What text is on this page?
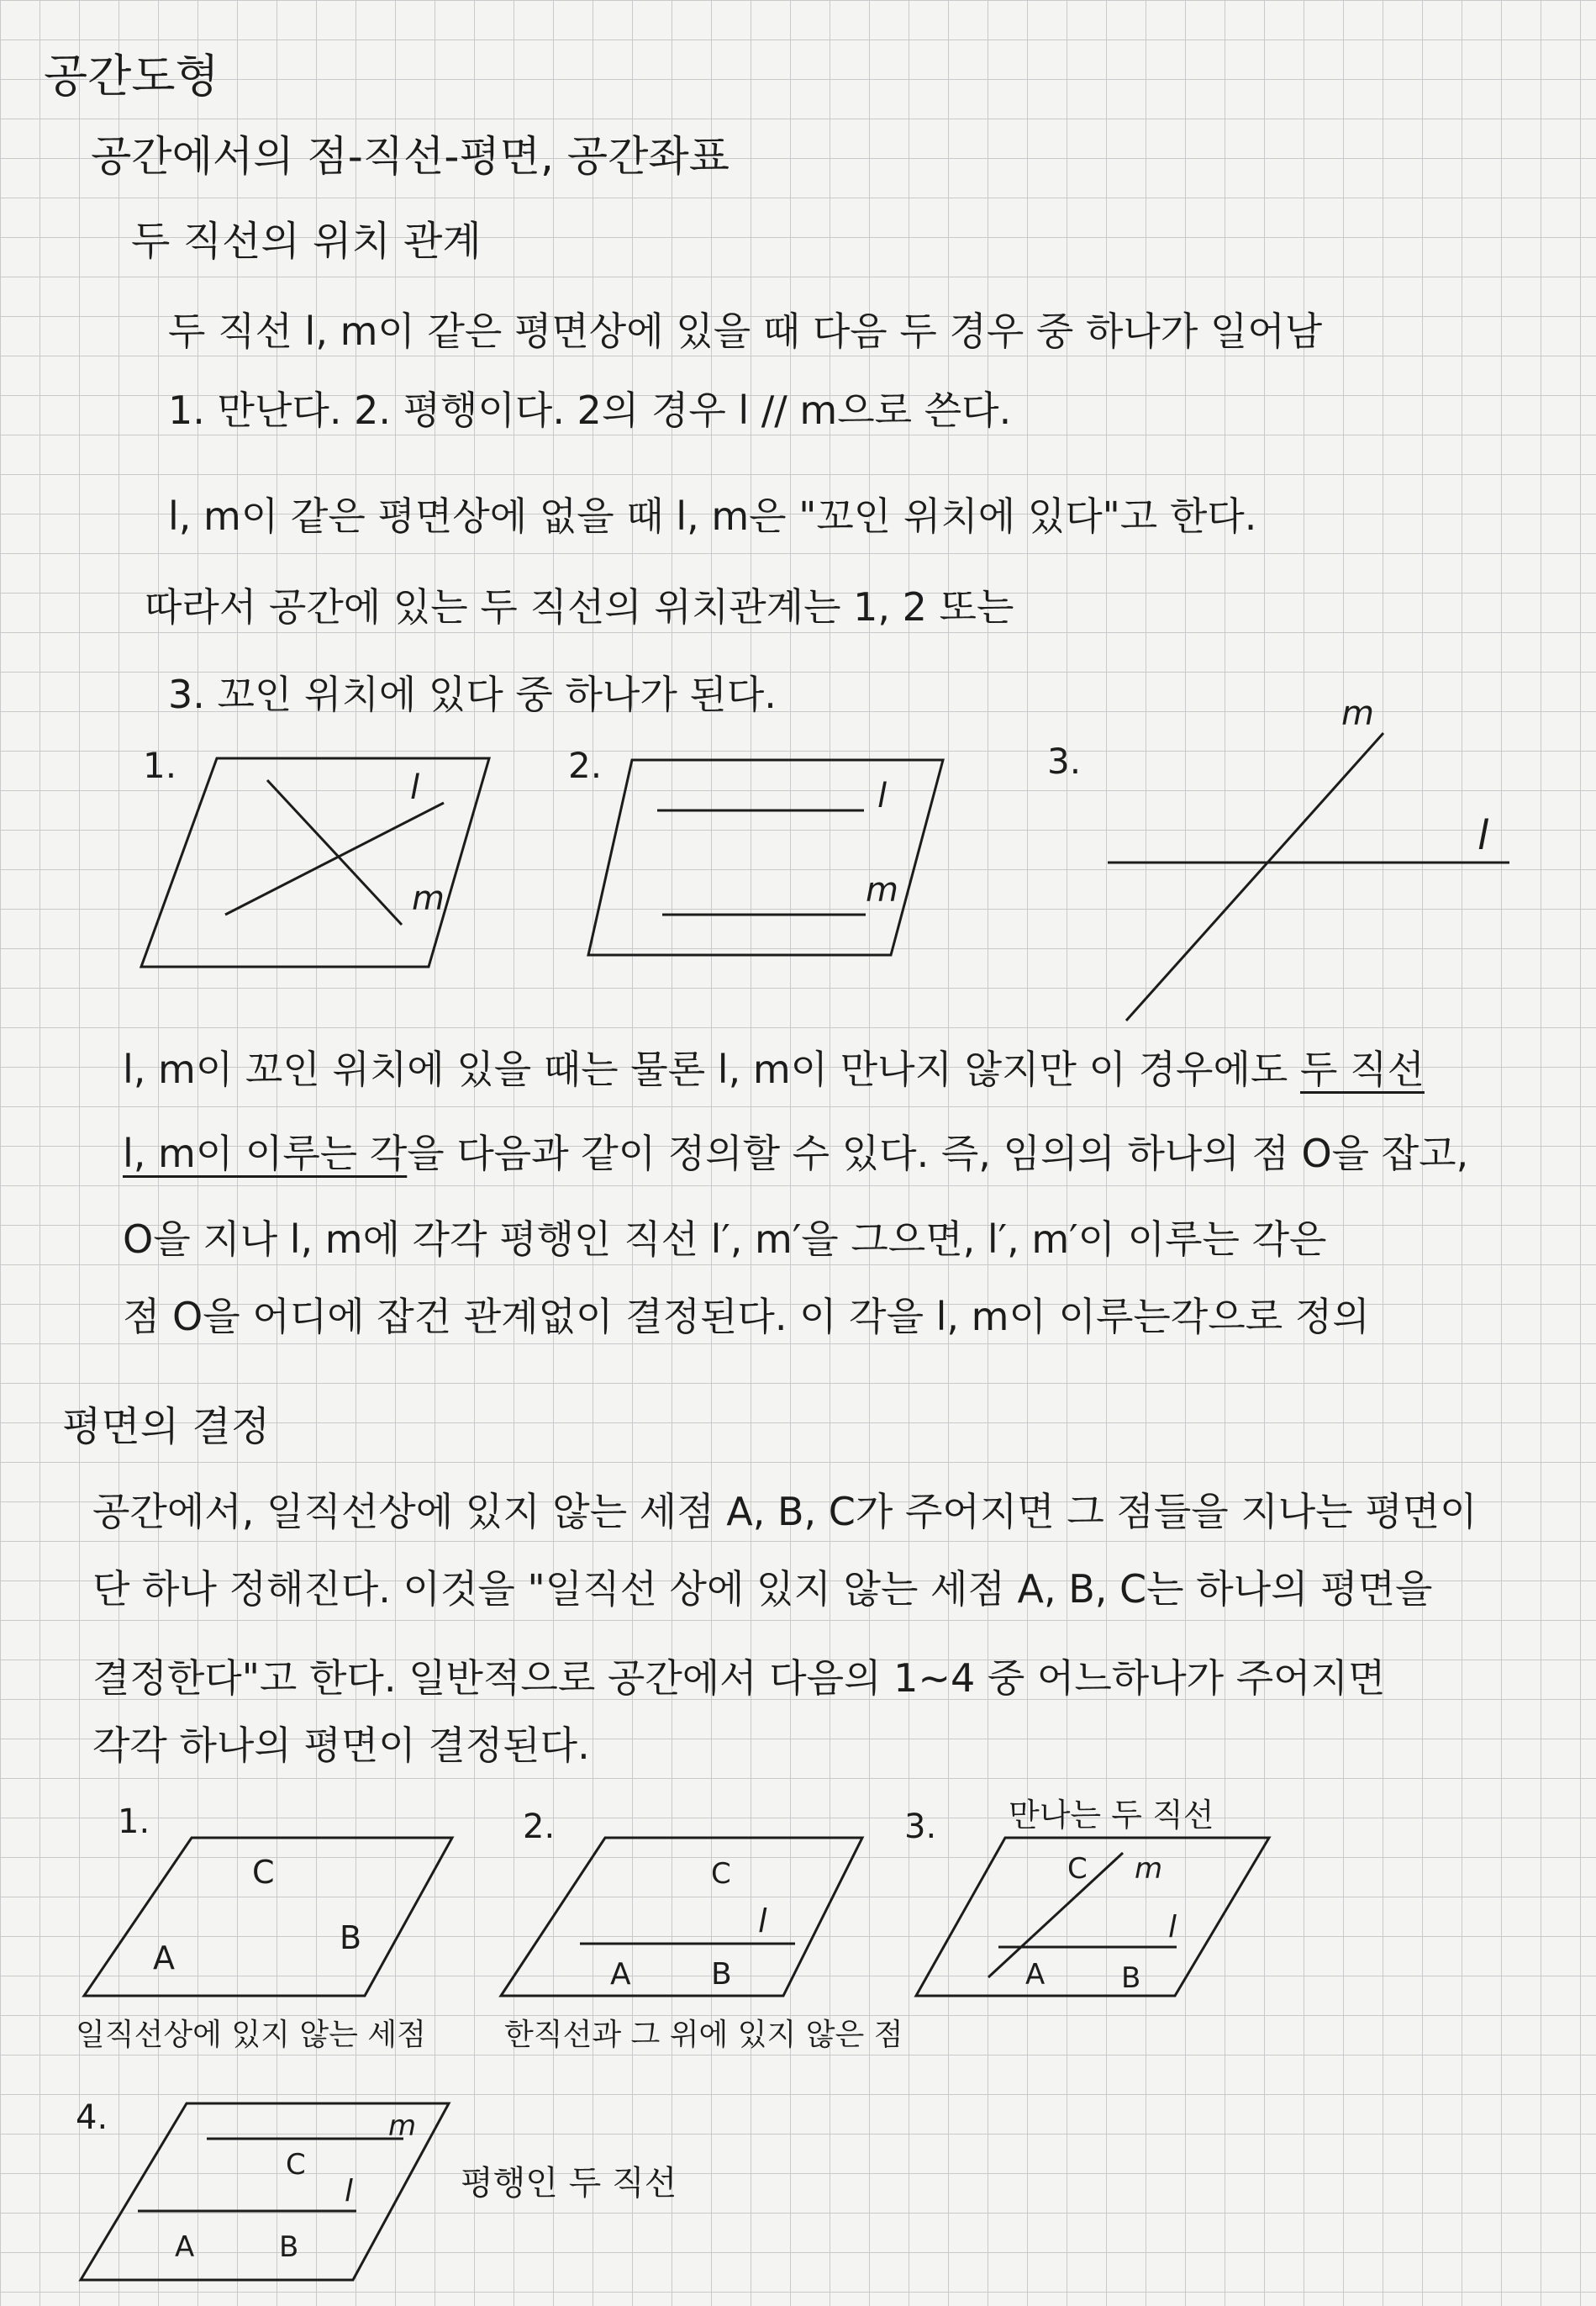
공간도형
공간에서의 점-직선-평면, 공간좌표
두 직선의 위치 관계
두 직선 l, m이 같은 평면상에 있을 때 다음 두 경우 중 하나가 일어남
1. 만난다. 2. 평행이다. 2의 경우 l // m으로 쓴다.
l, m이 같은 평면상에 없을 때 l, m은 "꼬인 위치에 있다"고 한다.
따라서 공간에 있는 두 직선의 위치관계는 1, 2 또는
3. 꼬인 위치에 있다 중 하나가 된다.
1.
l
m
2.
l
m
3.
m
l
l, m이 꼬인 위치에 있을 때는 물론 l, m이 만나지 않지만 이 경우에도 두 직선
l, m이 이루는 각을 다음과 같이 정의할 수 있다. 즉, 임의의 하나의 점 O을 잡고,
O을 지나 l, m에 각각 평행인 직선 l′, m′을 그으면, l′, m′이 이루는 각은
점 O을 어디에 잡건 관계없이 결정된다. 이 각을 l, m이 이루는각으로 정의
평면의 결정
공간에서, 일직선상에 있지 않는 세점 A, B, C가 주어지면 그 점들을 지나는 평면이
단 하나 정해진다. 이것을 "일직선 상에 있지 않는 세점 A, B, C는 하나의 평면을
결정한다"고 한다. 일반적으로 공간에서 다음의 1~4 중 어느하나가 주어지면
각각 하나의 평면이 결정된다.
1.
C
A
B
일직선상에 있지 않는 세점
2.
C
l
A	B
한직선과 그 위에 있지 않은 점
3. 만나는 두 직선
C m
l
A	B
4.	m
C
l
A	B
평행인 두 직선
